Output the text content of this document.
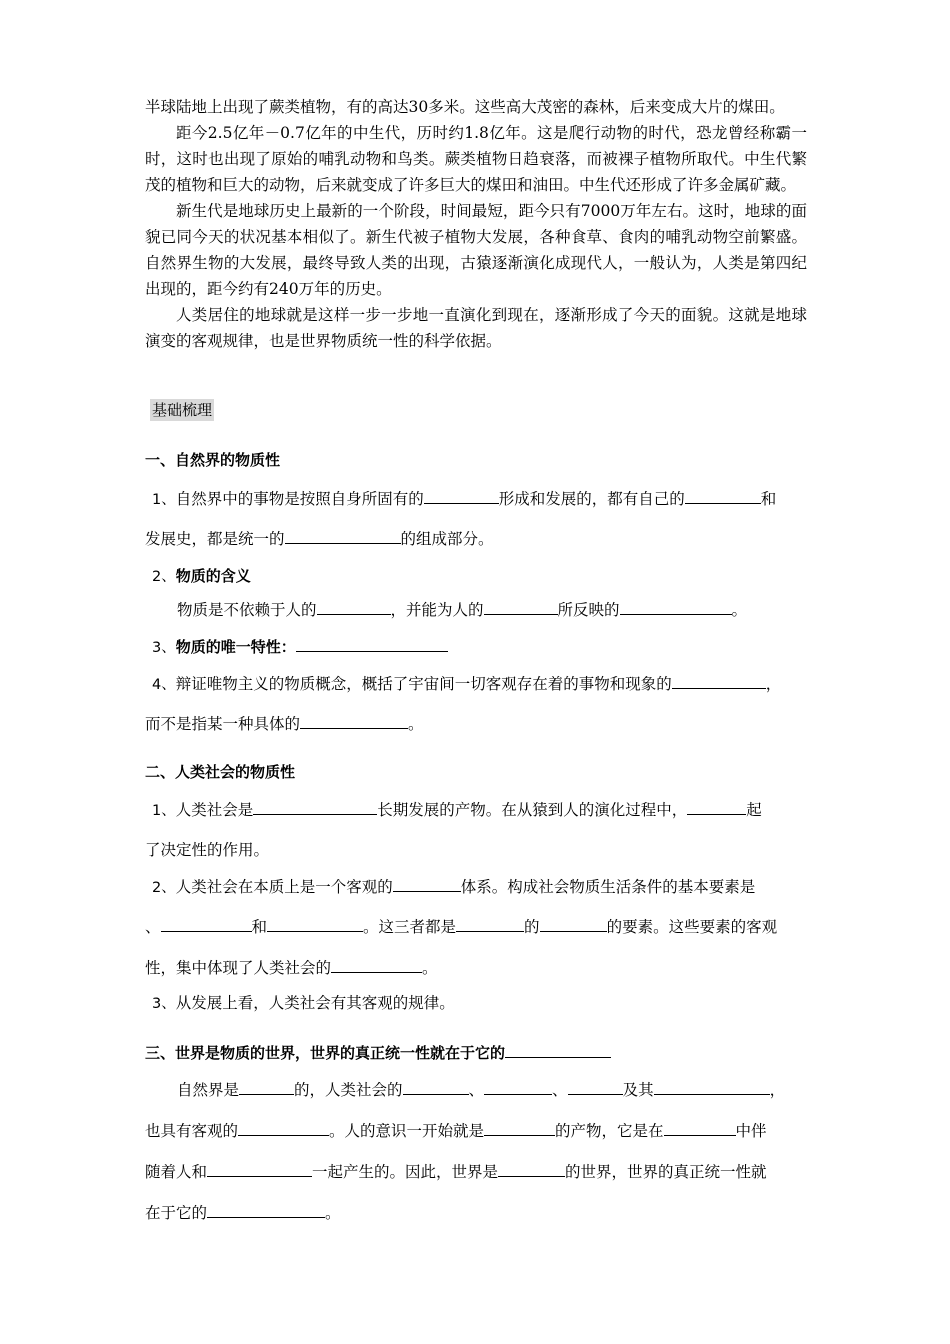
半球陆地上出现了蕨类植物，有的高达30多米。这些高大茂密的森林，后来变成大片的煤田。

距今2.5亿年－0.7亿年的中生代，历时约1.8亿年。这是爬行动物的时代，恐龙曾经称霸一时，这时也出现了原始的哺乳动物和鸟类。蕨类植物日趋衰落，而被裸子植物所取代。中生代繁茂的植物和巨大的动物，后来就变成了许多巨大的煤田和油田。中生代还形成了许多金属矿藏。

新生代是地球历史上最新的一个阶段，时间最短，距今只有7000万年左右。这时，地球的面貌已同今天的状况基本相似了。新生代被子植物大发展，各种食草、食肉的哺乳动物空前繁盛。自然界生物的大发展，最终导致人类的出现，古猿逐渐演化成现代人，一般认为，人类是第四纪出现的，距今约有240万年的历史。

人类居住的地球就是这样一步一步地一直演化到现在，逐渐形成了今天的面貌。这就是地球演变的客观规律，也是世界物质统一性的科学依据。

基础梳理
一、自然界的物质性
1、自然界中的事物是按照自身所固有的	形成和发展的，都有自己的	和
发展史，都是统一的	的组成部分。
2、物质的含义
物质是不依赖于人的	，并能为人的	所反映的	。
3、物质的唯一特性：
4、辩证唯物主义的物质概念，概括了宇宙间一切客观存在着的事物和现象的	，
而不是指某一种具体的	。
二、人类社会的物质性
1、人类社会是	长期发展的产物。在从猿到人的演化过程中，	起
了决定性的作用。
2、人类社会在本质上是一个客观的	体系。构成社会物质生活条件的基本要素是
、	和	。这三者都是	的	的要素。这些要素的客观
性，集中体现了人类社会的	。
3、从发展上看，人类社会有其客观的规律。
三、世界是物质的世界，世界的真正统一性就在于它的
自然界是	的，人类社会的	、	、	及其	，
也具有客观的	。人的意识一开始就是	的产物，它是在	中伴
随着人和	一起产生的。因此，世界是	的世界，世界的真正统一性就
在于它的	。
